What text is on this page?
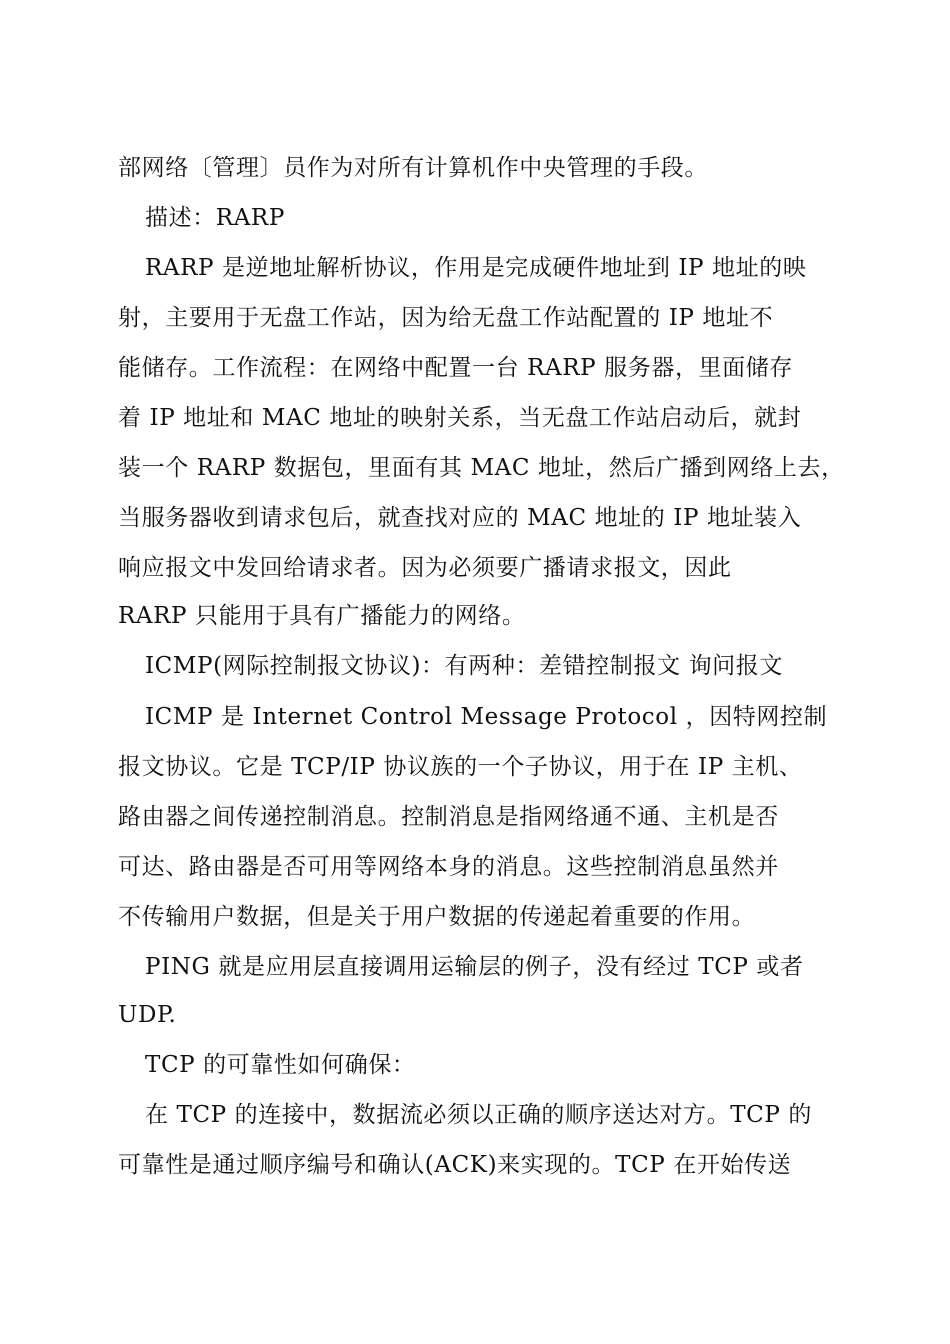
部网络〔管理〕员作为对所有计算机作中央管理的手段。
描述：RARP
RARP 是逆地址解析协议，作用是完成硬件地址到 IP 地址的映
射，主要用于无盘工作站，因为给无盘工作站配置的 IP 地址不
能储存。工作流程：在网络中配置一台 RARP 服务器，里面储存
着 IP 地址和 MAC 地址的映射关系，当无盘工作站启动后，就封
装一个 RARP 数据包，里面有其 MAC 地址，然后广播到网络上去，
当服务器收到请求包后，就查找对应的 MAC 地址的 IP 地址装入
响应报文中发回给请求者。因为必须要广播请求报文，因此
RARP 只能用于具有广播能力的网络。
ICMP(网际控制报文协议)：有两种：差错控制报文 询问报文
ICMP 是 Internet Control Message Protocol ，因特网控制
报文协议。它是 TCP/IP 协议族的一个子协议，用于在 IP 主机、
路由器之间传递控制消息。控制消息是指网络通不通、主机是否
可达、路由器是否可用等网络本身的消息。这些控制消息虽然并
不传输用户数据，但是关于用户数据的传递起着重要的作用。
PING 就是应用层直接调用运输层的例子，没有经过 TCP 或者
UDP.
TCP 的可靠性如何确保：
在 TCP 的连接中，数据流必须以正确的顺序送达对方。TCP 的
可靠性是通过顺序编号和确认(ACK)来实现的。TCP 在开始传送
